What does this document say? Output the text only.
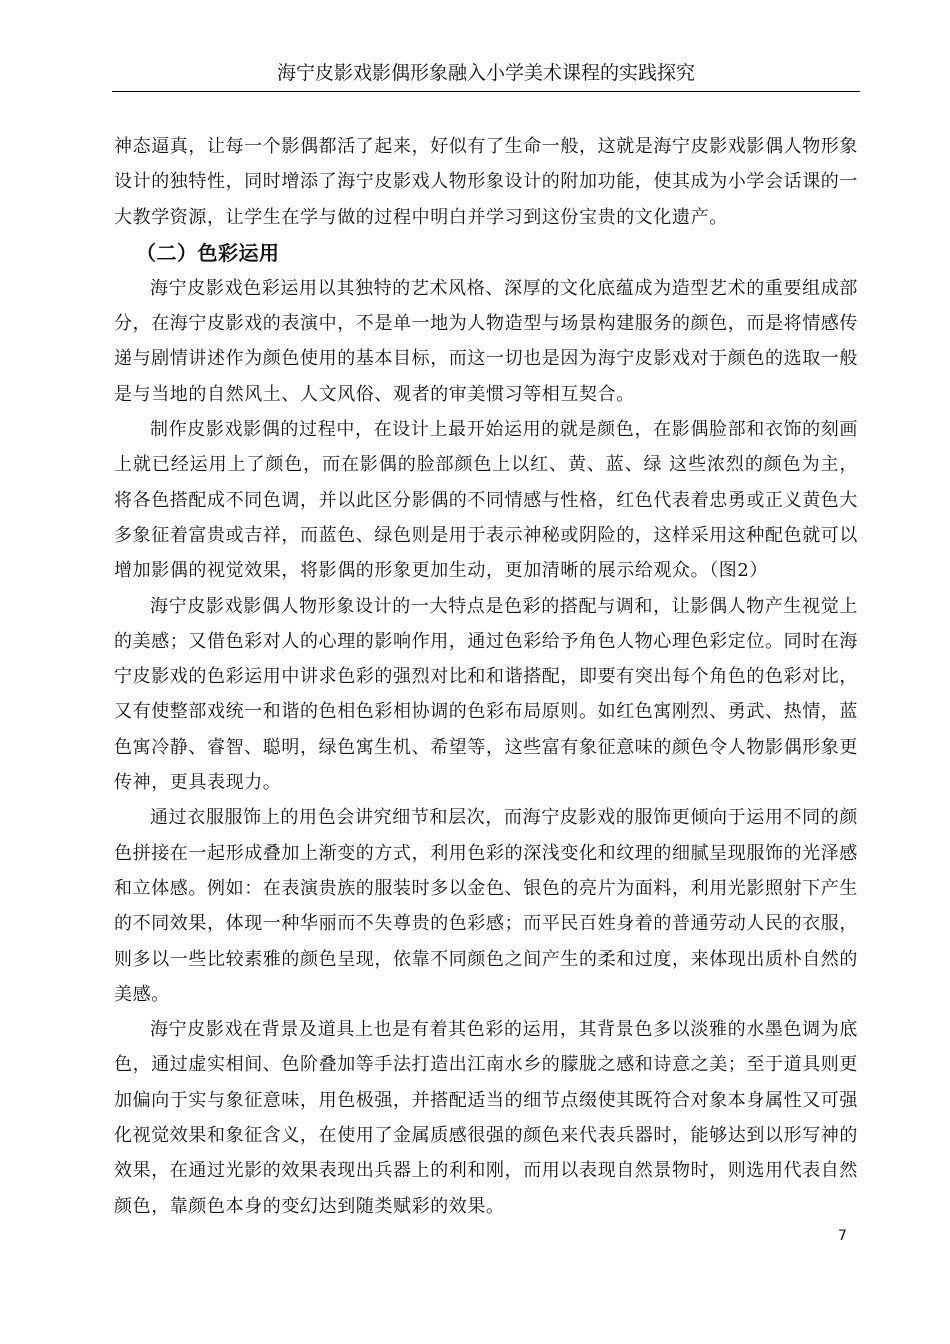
海宁皮影戏影偶形象融入小学美术课程的实践探究

神态逼真，让每一个影偶都活了起来，好似有了生命一般，这就是海宁皮影戏影偶人物形象设计的独特性，同时增添了海宁皮影戏人物形象设计的附加功能，使其成为小学会话课的一大教学资源，让学生在学与做的过程中明白并学习到这份宝贵的文化遗产。

（二）色彩运用

海宁皮影戏色彩运用以其独特的艺术风格、深厚的文化底蕴成为造型艺术的重要组成部分，在海宁皮影戏的表演中，不是单一地为人物造型与场景构建服务的颜色，而是将情感传递与剧情讲述作为颜色使用的基本目标，而这一切也是因为海宁皮影戏对于颜色的选取一般是与当地的自然风土、人文风俗、观者的审美惯习等相互契合。

制作皮影戏影偶的过程中，在设计上最开始运用的就是颜色，在影偶脸部和衣饰的刻画上就已经运用上了颜色，而在影偶的脸部颜色上以红、黄、蓝、绿 这些浓烈的颜色为主，将各色搭配成不同色调，并以此区分影偶的不同情感与性格，红色代表着忠勇或正义黄色大多象征着富贵或吉祥，而蓝色、绿色则是用于表示神秘或阴险的，这样采用这种配色就可以增加影偶的视觉效果，将影偶的形象更加生动，更加清晰的展示给观众。（图2）

海宁皮影戏影偶人物形象设计的一大特点是色彩的搭配与调和，让影偶人物产生视觉上的美感；又借色彩对人的心理的影响作用，通过色彩给予角色人物心理色彩定位。同时在海宁皮影戏的色彩运用中讲求色彩的强烈对比和和谐搭配，即要有突出每个角色的色彩对比，又有使整部戏统一和谐的色相色彩相协调的色彩布局原则。如红色寓刚烈、勇武、热情，蓝色寓冷静、睿智、聪明，绿色寓生机、希望等，这些富有象征意味的颜色令人物影偶形象更传神，更具表现力。

通过衣服服饰上的用色会讲究细节和层次，而海宁皮影戏的服饰更倾向于运用不同的颜色拼接在一起形成叠加上渐变的方式，利用色彩的深浅变化和纹理的细腻呈现服饰的光泽感和立体感。例如：在表演贵族的服装时多以金色、银色的亮片为面料，利用光影照射下产生的不同效果，体现一种华丽而不失尊贵的色彩感；而平民百姓身着的普通劳动人民的衣服，则多以一些比较素雅的颜色呈现，依靠不同颜色之间产生的柔和过度，来体现出质朴自然的美感。

海宁皮影戏在背景及道具上也是有着其色彩的运用，其背景色多以淡雅的水墨色调为底色，通过虚实相间、色阶叠加等手法打造出江南水乡的朦胧之感和诗意之美；至于道具则更加偏向于实与象征意味，用色极强，并搭配适当的细节点缀使其既符合对象本身属性又可强化视觉效果和象征含义，在使用了金属质感很强的颜色来代表兵器时，能够达到以形写神的效果，在通过光影的效果表现出兵器上的利和刚，而用以表现自然景物时，则选用代表自然颜色，靠颜色本身的变幻达到随类赋彩的效果。

7
